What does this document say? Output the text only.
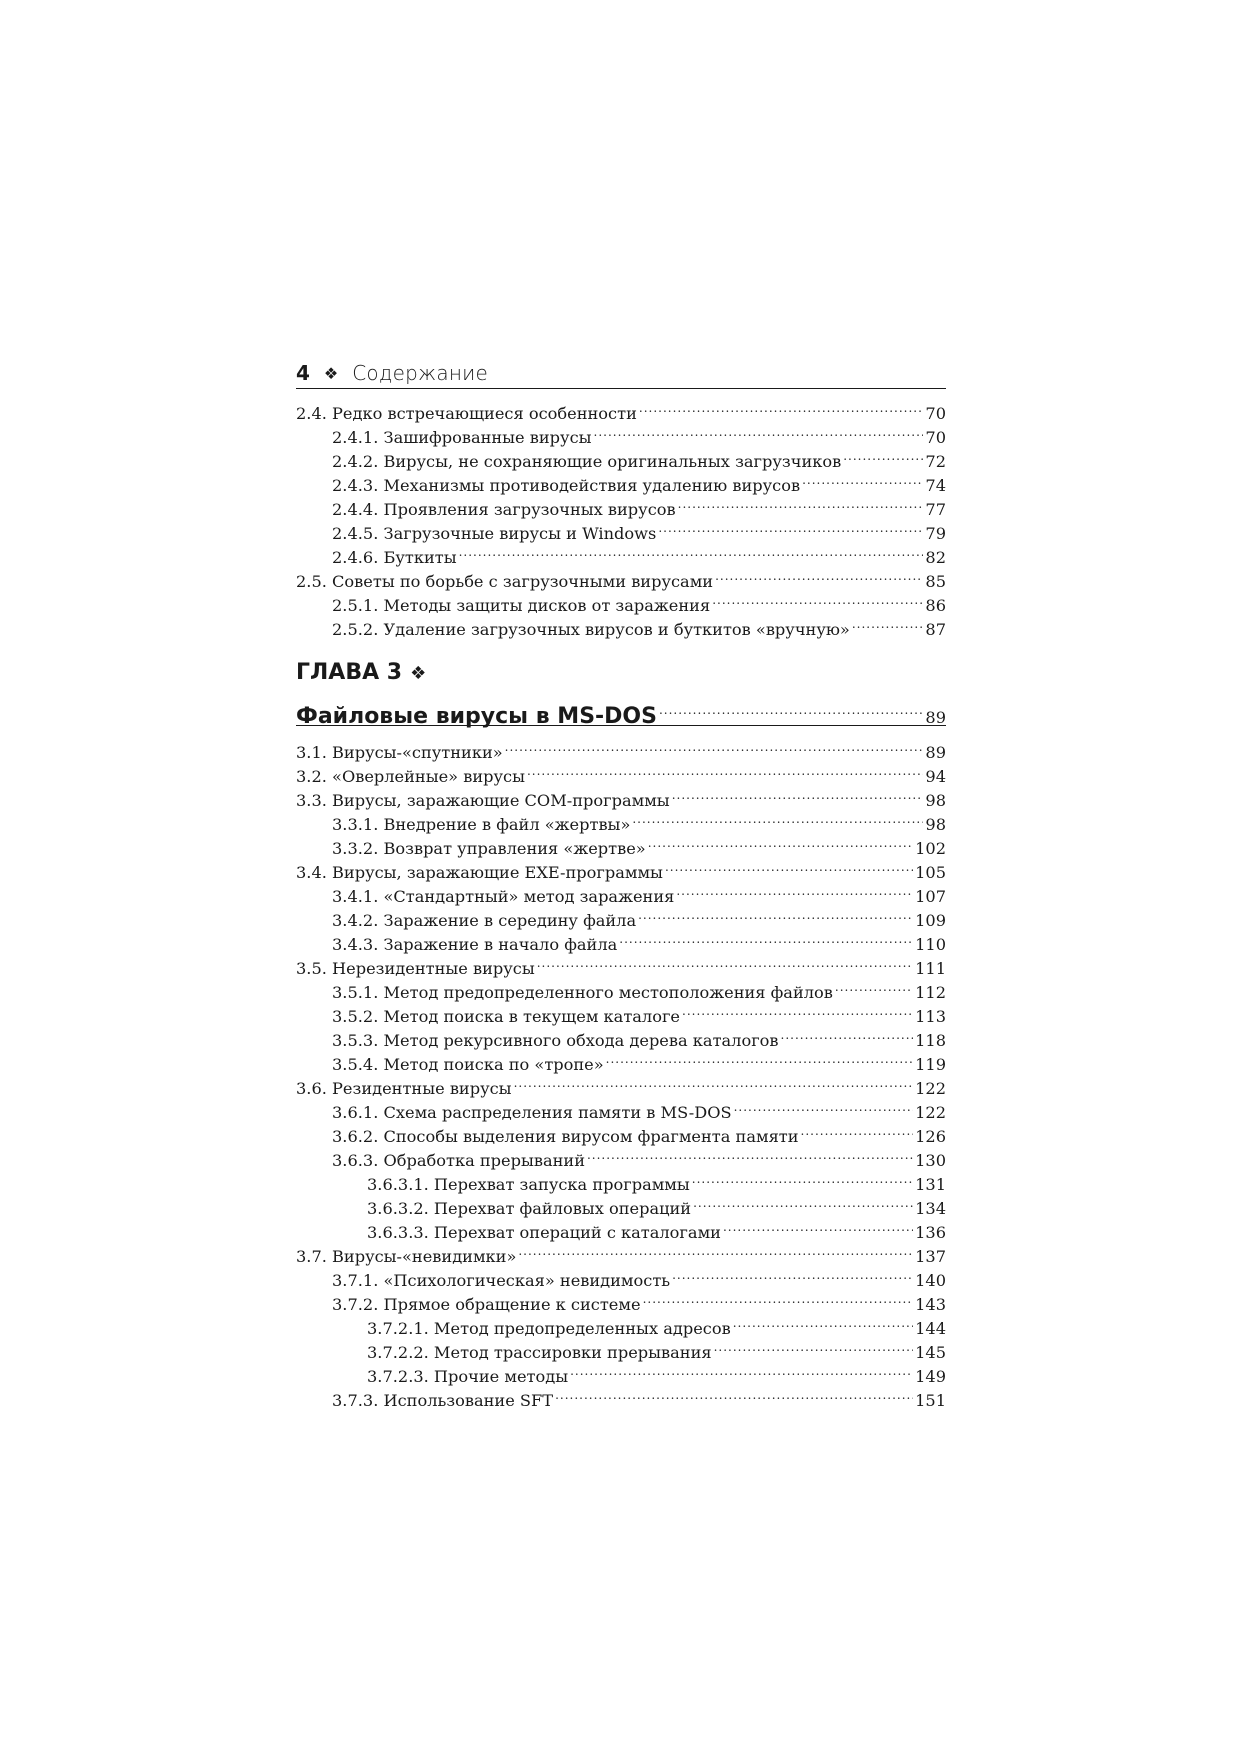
4 ❖ Содержание
2.4. Редко встречающиеся особенности .....	70
2.4.1. Зашифрованные вирусы .....	70
2.4.2. Вирусы, не сохраняющие оригинальных загрузчиков .....	72
2.4.3. Механизмы противодействия удалению вирусов .....	74
2.4.4. Проявления загрузочных вирусов .....	77
2.4.5. Загрузочные вирусы и Windows .....	79
2.4.6. Буткиты .....	82
2.5. Советы по борьбе с загрузочными вирусами .....	85
2.5.1. Методы защиты дисков от заражения .....	86
2.5.2. Удаление загрузочных вирусов и буткитов «вручную» .....	87
ГЛАВА 3 ❖
Файловые вирусы в MS-DOS .....	89
3.1. Вирусы-«спутники» .....	89
3.2. «Оверлейные» вирусы .....	94
3.3. Вирусы, заражающие COM-программы .....	98
3.3.1. Внедрение в файл «жертвы» .....	98
3.3.2. Возврат управления «жертве» .....	102
3.4. Вирусы, заражающие EXE-программы .....	105
3.4.1. «Стандартный» метод заражения .....	107
3.4.2. Заражение в середину файла .....	109
3.4.3. Заражение в начало файла .....	110
3.5. Нерезидентные вирусы .....	111
3.5.1. Метод предопределенного местоположения файлов .....	112
3.5.2. Метод поиска в текущем каталоге .....	113
3.5.3. Метод рекурсивного обхода дерева каталогов .....	118
3.5.4. Метод поиска по «тропе» .....	119
3.6. Резидентные вирусы .....	122
3.6.1. Схема распределения памяти в MS-DOS .....	122
3.6.2. Способы выделения вирусом фрагмента памяти .....	126
3.6.3. Обработка прерываний .....	130
3.6.3.1. Перехват запуска программы .....	131
3.6.3.2. Перехват файловых операций .....	134
3.6.3.3. Перехват операций с каталогами .....	136
3.7. Вирусы-«невидимки» .....	137
3.7.1. «Психологическая» невидимость .....	140
3.7.2. Прямое обращение к системе .....	143
3.7.2.1. Метод предопределенных адресов .....	144
3.7.2.2. Метод трассировки прерывания .....	145
3.7.2.3. Прочие методы .....	149
3.7.3. Использование SFT .....	151
